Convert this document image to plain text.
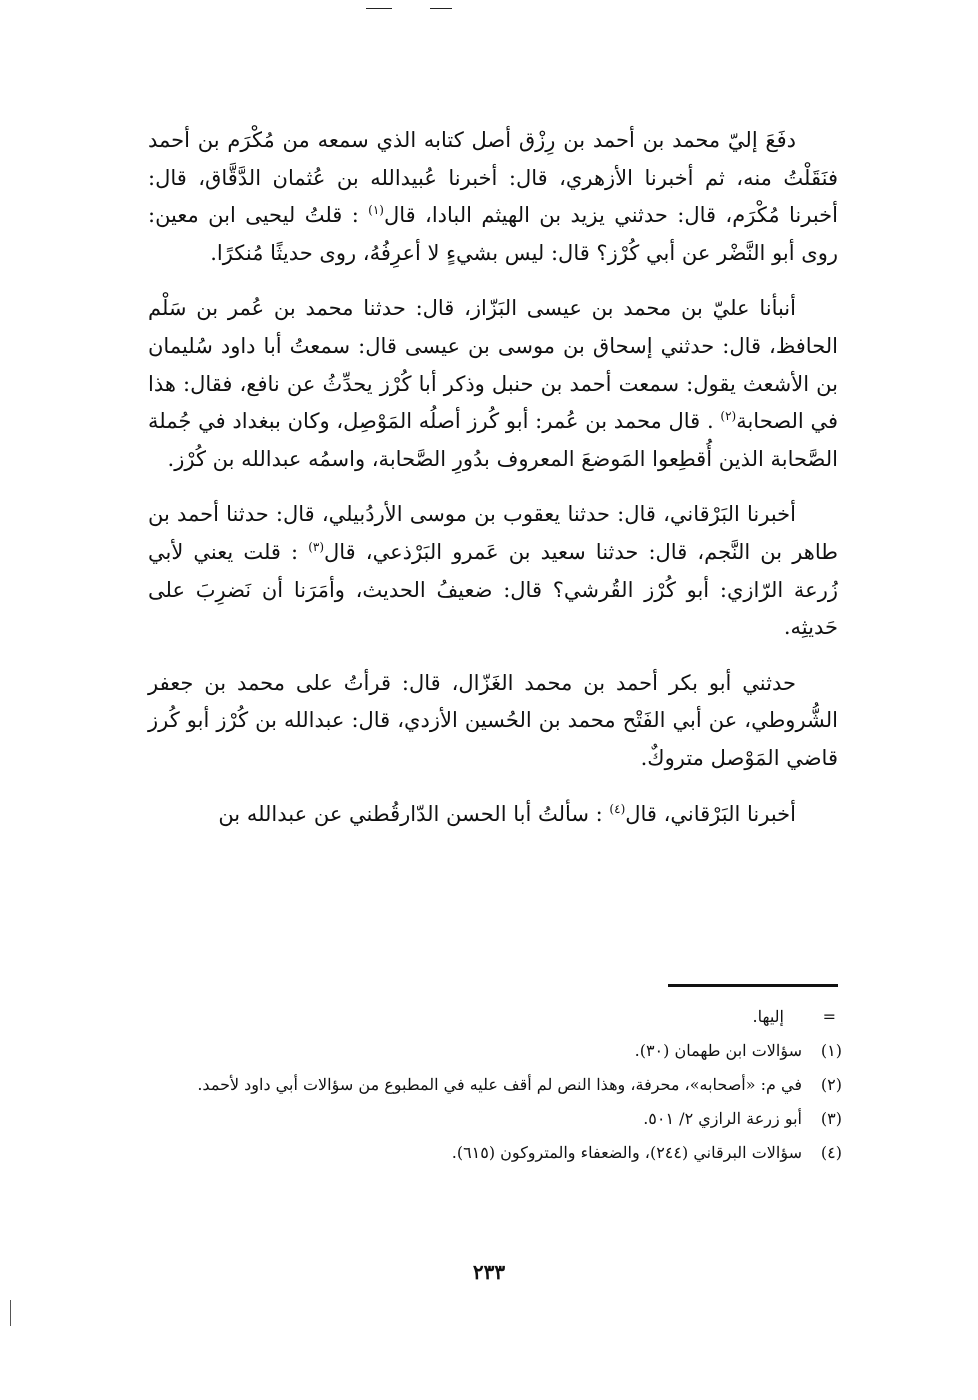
دفَعَ إليّ محمد بن أحمد بن رِزْق أصل كتابه الذي سمعه من مُكْرَم بن أحمد فنَقَلْتُ منه، ثم أخبرنا الأزهري، قال: أخبرنا عُبيدالله بن عُثمان الدَّقَّاق، قال: أخبرنا مُكْرَم، قال: حدثني يزيد بن الهيثم البادا، قال$^{(١)}$ : قلتُ ليحيى ابن معين: روى أبو النَّضْر عن أبي كُرْز؟ قال: ليس بشيءٍ لا أعرِفُهُ، روى حديثًا مُنكرًا.

أنبأنا عليّ بن محمد بن عيسى البَزّاز، قال: حدثنا محمد بن عُمر بن سَلْم الحافظ، قال: حدثني إسحاق بن موسى بن عيسى قال: سمعتُ أبا داود سُليمان بن الأشعث يقول: سمعت أحمد بن حنبل وذكر أبا كُرْز يحدِّثُ عن نافع، فقال: هذا في الصحابة$^{(٢)}$ . قال محمد بن عُمر: أبو كُرز أصلُه المَوْصِل، وكان ببغداد في جُملة الصَّحابة الذين أُقطِعوا المَوضعَ المعروف بدُورِ الصَّحابة، واسمُه عبدالله بن كُرْز.

أخبرنا البَرْقاني، قال: حدثنا يعقوب بن موسى الأردُبيلي، قال: حدثنا أحمد بن طاهر بن النَّجم، قال: حدثنا سعيد بن عَمرو البَرْذعي، قال$^{(٣)}$ : قلت يعني لأبي زُرعة الرّازي: أبو كُرْز القُرشي؟ قال: ضعيفُ الحديث، وأمَرَنا أن نَضرِبَ على حَديثِه.

حدثني أبو بكر أحمد بن محمد الغَزّال، قال: قرأتُ على محمد بن جعفر الشُّروطي، عن أبي الفَتْح محمد بن الحُسين الأزدي، قال: عبدالله بن كُرْز أبو كُرز قاضي المَوْصل متروكٌ.

أخبرنا البَرْقاني، قال$^{(٤)}$ : سألتُ أبا الحسن الدّارقُطني عن عبدالله بن

=
إليها.
(١)
سؤالات ابن طهمان (٣٠).
(٢)
في م: «أصحابه»، محرفة، وهذا النص لم أقف عليه في المطبوع من سؤالات أبي داود لأحمد.
(٣)
أبو زرعة الرازي ٢/ ٥٠١.
(٤)
سؤالات البرقاني (٢٤٤)، والضعفاء والمتروكون (٦١٥).
٢٣٣
